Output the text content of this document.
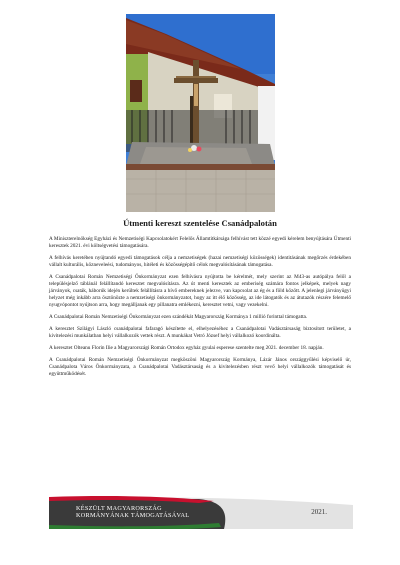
Útmenti kereszt szentelése Csanádpalotán

A Miniszterelnökség Egyházi és Nemzetiségi Kapcsolatokért Felelős Államtitkársága felhívást tett közzé egyedi kérelem benyújtására Útmenti keresztek 2021. évi költségvetési támogatására.

A felhívás keretében nyújtandó egyedi támogatások célja a nemzetiségek (hazai nemzetiségi közösségek) identitásának megőrzés érdekében vállalt kulturális, közneveleési, tudományos, hitéleti és közösségépítő célok megvalósításának támogatása.

A Csanádpalotai Román Nemzetiségi Önkormányzat ezen felhívásra nyújtotta be kérelmét, mely szerint az M43-as autópálya felől a településjelző táblánál felállítandó keresztet megvalósításra. Az út menti keresztek az emberiség számára fontos jelképek, melyek nagy járványok, csaták, háborúk idején kerültek felállításra a hívő embereknek jelezve, van kapcsolat az ég és a föld között. A jelenlegi járványügyi helyzet még inkább arra ösztönözte a nemzetiségi önkormányzatot, hogy az itt élő közösség, az ide látogatók és az átutazók részére felemelő nyugvópontot nyújtson arra, hogy megálljanak egy pillanatra emlékezni, keresztet vetni, vagy vezekelni.

A Csanádpalotai Román Nemzetiségi Önkormányzat ezen szándékát Magyarország Kormánya 1 millió forinttal támogatta.

A keresztet Szilágyi László csanádpalotai fafaragó készítette el, elhelyezéséhez a Csanádpalotai Vadásztársaság biztosított területet, a kivitelezési munkálatban helyi vállalkozók vettek részt. A munkákat Vetró József helyi vállalkozó koordinálta.

A keresztet Olteanu Florin Ilie a Magyarországi Román Ortodox egyház gyulai esperese szentelte meg 2021. december 18. napján.

A Csanádpalotai Román Nemzetiségi Önkormányzat megköszöni Magyarország Kormánya, Lázár János országgyűlési képviselő úr, Csanádpalota Város Önkormányzata, a Csanádpalotai Vadásztársaság és a kivitelezésben részt vevő helyi vállalkozók támogatását és együttműködését.

KÉSZÜLT MAGYARORSZÁG
KORMÁNYÁNAK TÁMOGATÁSÁVAL	2021.
